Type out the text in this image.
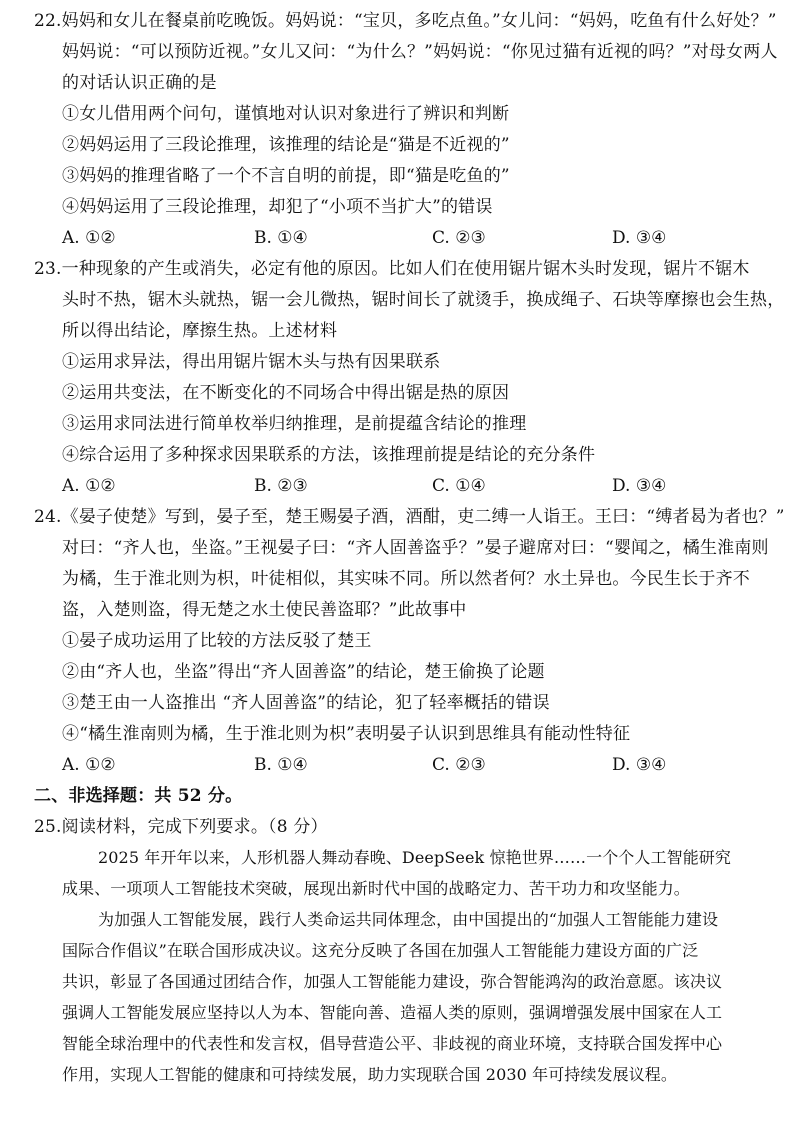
22.妈妈和女儿在餐桌前吃晚饭。妈妈说：“宝贝，多吃点鱼。”女儿问：“妈妈，吃鱼有什么好处？”
妈妈说：“可以预防近视。”女儿又问：“为什么？”妈妈说：“你见过猫有近视的吗？”对母女两人
的对话认识正确的是
①女儿借用两个问句，谨慎地对认识对象进行了辨识和判断
②妈妈运用了三段论推理，该推理的结论是“猫是不近视的”
③妈妈的推理省略了一个不言自明的前提，即“猫是吃鱼的”
④妈妈运用了三段论推理，却犯了“小项不当扩大”的错误
A. ①②	B. ①④	C. ②③	D. ③④
23.一种现象的产生或消失，必定有他的原因。比如人们在使用锯片锯木头时发现，锯片不锯木
头时不热，锯木头就热，锯一会儿微热，锯时间长了就烫手，换成绳子、石块等摩擦也会生热，
所以得出结论，摩擦生热。上述材料
①运用求异法，得出用锯片锯木头与热有因果联系
②运用共变法，在不断变化的不同场合中得出锯是热的原因
③运用求同法进行简单枚举归纳推理，是前提蕴含结论的推理
④综合运用了多种探求因果联系的方法，该推理前提是结论的充分条件
A. ①②	B. ②③	C. ①④	D. ③④
24.《晏子使楚》写到，晏子至，楚王赐晏子酒，酒酣，吏二缚一人诣王。王曰：“缚者曷为者也？”
对曰：“齐人也，坐盗。”王视晏子曰：“齐人固善盗乎？”晏子避席对曰：“婴闻之，橘生淮南则
为橘，生于淮北则为枳，叶徒相似，其实味不同。所以然者何？水土异也。今民生长于齐不
盗，入楚则盗，得无楚之水土使民善盗耶？”此故事中
①晏子成功运用了比较的方法反驳了楚王
②由“齐人也，坐盗”得出“齐人固善盗”的结论，楚王偷换了论题
③楚王由一人盗推出 “齐人固善盗”的结论，犯了轻率概括的错误
④“橘生淮南则为橘，生于淮北则为枳”表明晏子认识到思维具有能动性特征
A. ①②	B. ①④	C. ②③	D. ③④
二、非选择题：共 52 分。
25.阅读材料，完成下列要求。（8 分）
2025 年开年以来，人形机器人舞动春晚、DeepSeek 惊艳世界……一个个人工智能研究
成果、一项项人工智能技术突破，展现出新时代中国的战略定力、苦干功力和攻坚能力。
为加强人工智能发展，践行人类命运共同体理念，由中国提出的“加强人工智能能力建设
国际合作倡议”在联合国形成决议。这充分反映了各国在加强人工智能能力建设方面的广泛
共识，彰显了各国通过团结合作，加强人工智能能力建设，弥合智能鸿沟的政治意愿。该决议
强调人工智能发展应坚持以人为本、智能向善、造福人类的原则，强调增强发展中国家在人工
智能全球治理中的代表性和发言权，倡导营造公平、非歧视的商业环境，支持联合国发挥中心
作用，实现人工智能的健康和可持续发展，助力实现联合国 2030 年可持续发展议程。
